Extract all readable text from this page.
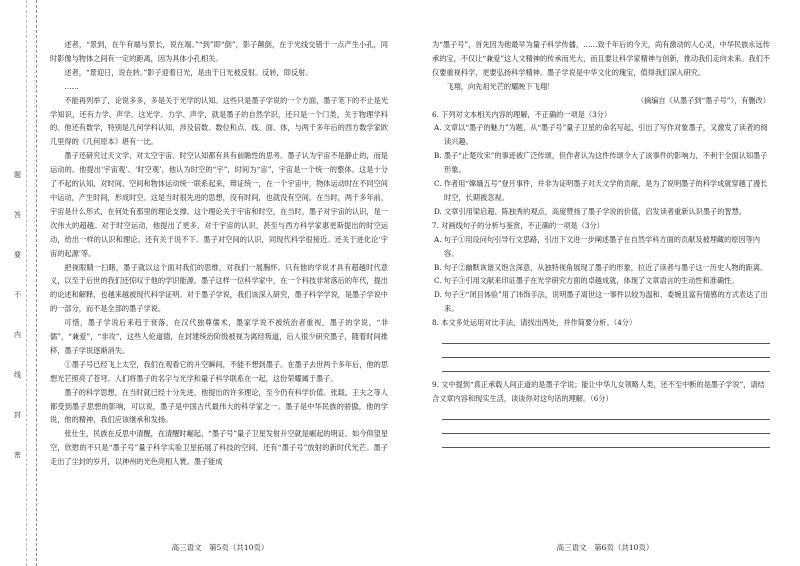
· · · · · · · · · · · · · · · · · · · · · · · · · · · · · · · · · · · · · · · · · · · · · · · · · · · · ·
题
答
要
不
内
线
封
密

述者，“景到，在午有端与景长，说在端。”“到”即“倒”，影子颠倒，在于光线交错于一点产生小孔，同时影像与物体之间有一定的距离，因为具体小孔相关。

述者，“景迎日，说在转。”影子迎着日光，是由于日光被反射。反转，即反射。

……

不能再列举了，论说多多，多是关于光学的认知。这些只是墨子学说的一个方面，墨子笔下的不止是光学知识，还有力学、声学。这光学、力学、声学，就是墨子的自然学识，还只是一个门类，关于物理学科的。他还有数学，特别是几何学科认知，涉及倍数、数位和点、线、面、体，与两千多年后的西方数学家欧几里得的《几何原本》堪有一比。

墨子还研究过天文学，对太空宇宙、时空认知都有具有前瞻性的思考。墨子认为宇宙不是静止的，而是运动的。他提出‘宇宙观’、‘时空观’，他认为时空的“宇”，时间为“宙”，宇宙是一个统一的整体。这是十分了不起的认知，对时间、空间和物体运动统一联系起来，辩证统一，在一个宇宙中，物体运动时在不同空间中运动，产生时间，形成时空。这是当时很先进的思想，没有时间，也就没有空间。在当时，两千多年前，宇宙是什么形式，在何处有那里的理论支撑。这个理论关于宇宙和时空，在当时，墨子对宇宙的认识，是一次伟大的超越。对于时空运动，他提出了更多，对于宇宙的认识，甚至与西方科学家惠更斯提出的时空运动，给出一样的认识和理论。还有关于说不下。墨子对空间的认识，同现代科学很接近。还关于进化论‘宇宙的起源’等。

把视眼睛一扫睹，墨子就以这个面对我们的思维，对我们一展胸怀。只有他的学说才具有超越时代意义，以至于后世的我们还惊叹于他的学识能源。墨子这样一位科学家中，在一个科技非常落后的年代，提出的论述和解释，也越来越被现代科学证明。对于墨子学说，我们该深入研究，墨子科学学说，是墨子学说中的一部分，而不是全部的墨子学说。

可惜，墨子学说后来趋于衰落，在汉代独尊儒术，墨家学说不被统治者重视，墨子的学说，“非儒”，“兼爱”，“非攻”，这些人伦道德，在封建统治阶级被视为离经叛道，后人很少研究墨子，随着时间推移，墨子学说逐渐消失。

①墨子号已经飞上太空，我们在观看它的升空瞬间，不能不想到墨子。在墨子去世两千多年后，他的思想光芒照亮了苍穹。人们将墨子的名字与光学和量子科学联系在一起，这份荣耀属于墨子。

墨子的科学思想，在当时就已经十分先进，他提出的许多理论，至今仍有科学价值。张载、王夫之等人都受到墨子思想的影响，可以说，墨子是中国古代最伟大的科学家之一。墨子是中华民族的骄傲，他的学说，他的精神，我们应该继承和发扬。

张仕生，民族在反思中清醒，在清醒时崛起，“墨子号”量子卫星发射升空就是崛起的明证。如今仰望星空，欣慰的不只是“墨子号”量子科学实验卫星拓展了科技的空间，还有“墨子号”放射的新时代光芒。墨子走出了尘封的岁月，以神州的光色亮相人寰。墨子能成

为“墨子号”，首先因为他最早为量子科学传播，……致千年后的今天，尚有激动的人心灵，中华民族永远传承的宝，不仅让“兼爱”这人文精神的传承而光大，而且要让科学家精神与创新，推动我们走向未来。我们不仅要重视科学，更要弘扬科学精神。墨子学说是中华文化的瑰宝，值得我们深入研究。

飞翔，向先祖光芒的耀映下飞翔！

（摘编自《从墨子到“墨子号”》，有删改）

6. 下列对文本相关内容的理解，不正确的一项是（3分）

A. 文章以“墨子的魅力”为题，从“墨子号”量子卫星的命名写起，引出了写作对象墨子，又激发了读者的阅读兴趣。

B. 墨子“止楚攻宋”的事迹被广泛传颂，但作者认为这件传颂令大了该事件的影响力，不利于全面认知墨子形象。

C. 作者用“嫦娥五号”登月事件，并非为证明墨子对天文学的贡献，是为了说明墨子的科学成就穿越了漫长时空，长期被忽视。

D. 文章引用梁启超、陈独秀的观点，高度赞扬了墨子学说的价值，启发读者重新认识墨子的智慧。

7. 对画线句子的分析与鉴赏，不正确的一项是（3分）

A. 句子①用设问句引导行文思路，引出下文进一步阐述墨子在自然学科方面的贡献及被埋藏的原因等内容。

B. 句子②幽默诙谐又饱含深意，从独特视角展现了墨子的形象，拉近了读者与墨子这一历史人物的距离。

C. 句子③引用文献来印证墨子在光学研究方面的卓越成就，体现了文章语言的生动性和准确性。

D. 句子④“闭目体验”用了讳饰手法，说明墨子离世这一事件以较为温和、委婉且富有情感的方式表达了出来。

8. 本文多处运用对比手法，请找出两处，并作简要分析。（4分）

9. 文中提到“真正承载人间正道的是墨子学说；能让中华儿女领略人类，还不至中断的是墨子学说”，请结合文章内容和现实生活，谈谈你对这句话的理解。（6分）

高三语文　第5页（共10页）	高三语文　第6页（共10页）
